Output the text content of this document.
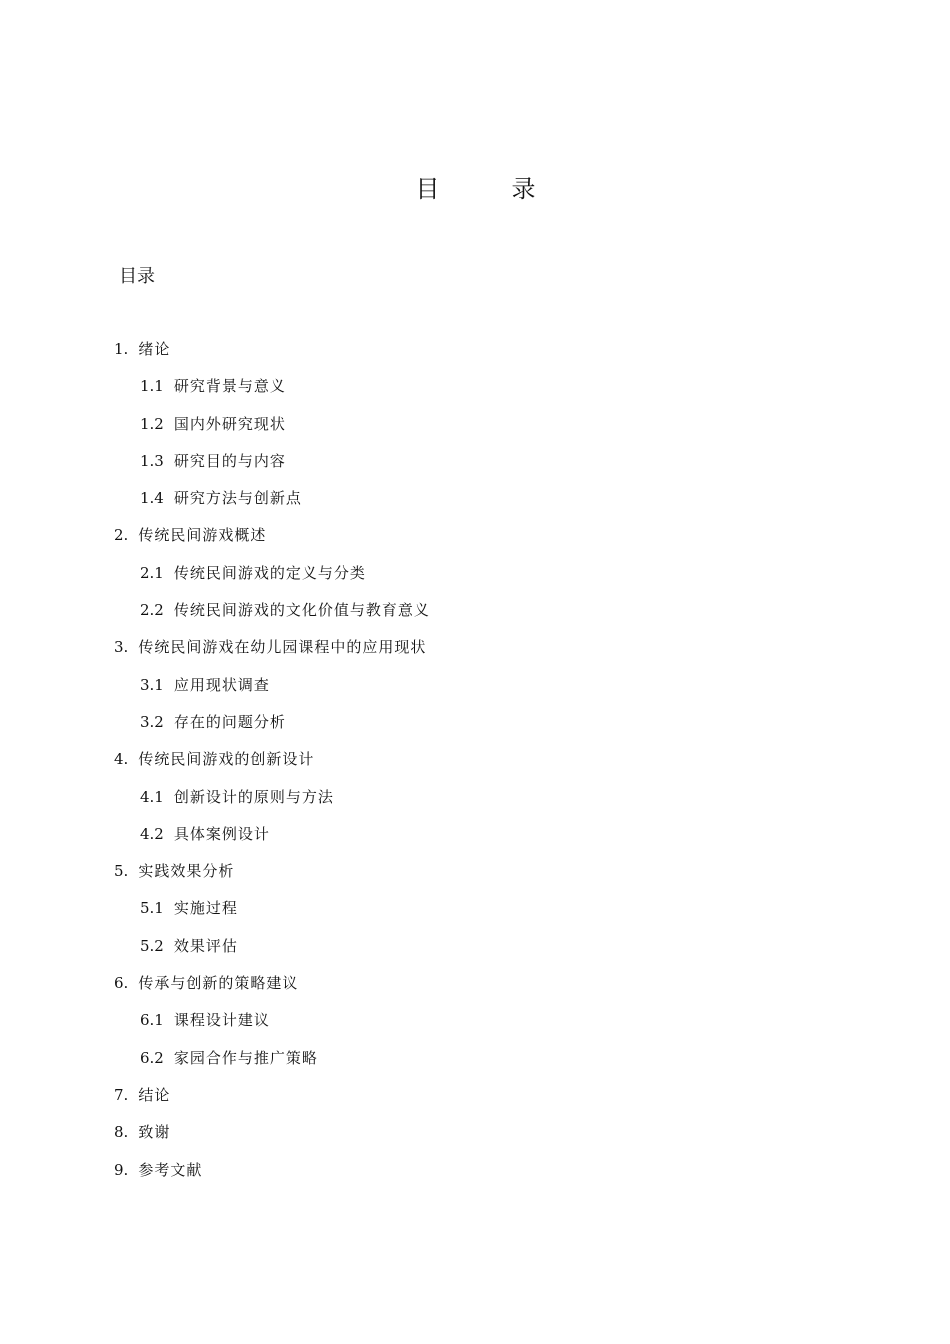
目　录
目录
1. 绪论
1.1 研究背景与意义
1.2 国内外研究现状
1.3 研究目的与内容
1.4 研究方法与创新点
2. 传统民间游戏概述
2.1 传统民间游戏的定义与分类
2.2 传统民间游戏的文化价值与教育意义
3. 传统民间游戏在幼儿园课程中的应用现状
3.1 应用现状调查
3.2 存在的问题分析
4. 传统民间游戏的创新设计
4.1 创新设计的原则与方法
4.2 具体案例设计
5. 实践效果分析
5.1 实施过程
5.2 效果评估
6. 传承与创新的策略建议
6.1 课程设计建议
6.2 家园合作与推广策略
7. 结论
8. 致谢
9. 参考文献
